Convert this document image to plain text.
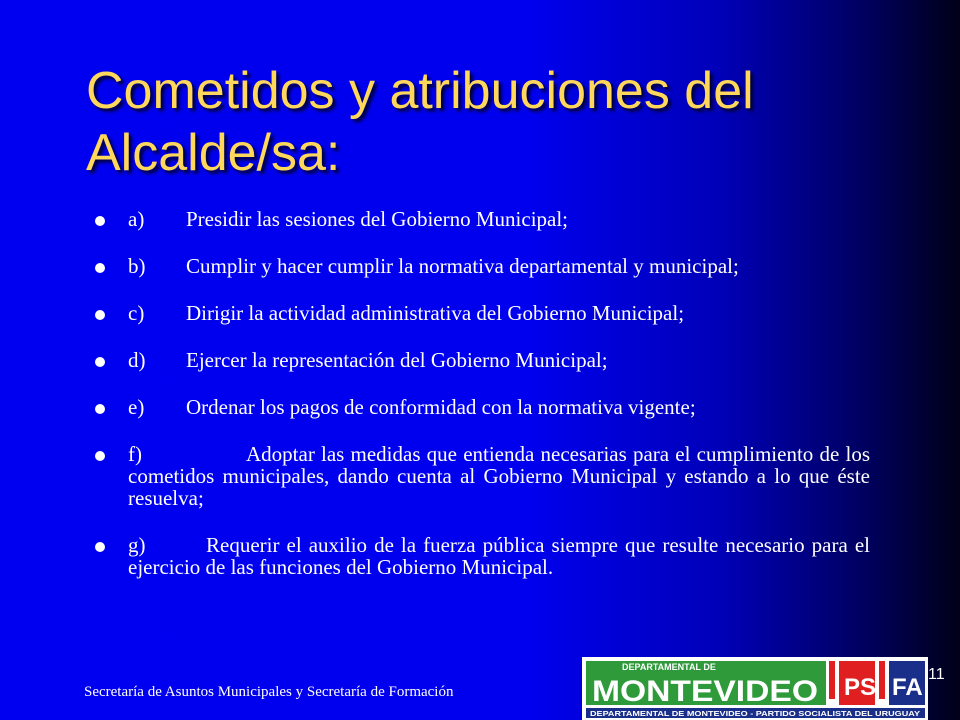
Cometidos y atribuciones del Alcalde/sa:
a) Presidir las sesiones del Gobierno Municipal;
b) Cumplir y hacer cumplir la normativa departamental y municipal;
c) Dirigir la actividad administrativa del Gobierno Municipal;
d) Ejercer la representación del Gobierno Municipal;
e) Ordenar los pagos de conformidad con la normativa vigente;
f)	Adoptar las medidas que entienda necesarias para el cumplimiento de los cometidos municipales, dando cuenta al Gobierno Municipal y estando a lo que éste resuelva;
g)	Requerir el auxilio de la fuerza pública siempre que resulte necesario para el ejercicio de las funciones del Gobierno Municipal.
Secretaría de Asuntos Municipales y Secretaría de Formación
11
DEPARTAMENTAL DE
MONTEVIDEO PS FA
DEPARTAMENTAL DE MONTEVIDEO - PARTIDO SOCIALISTA DEL URUGUAY
